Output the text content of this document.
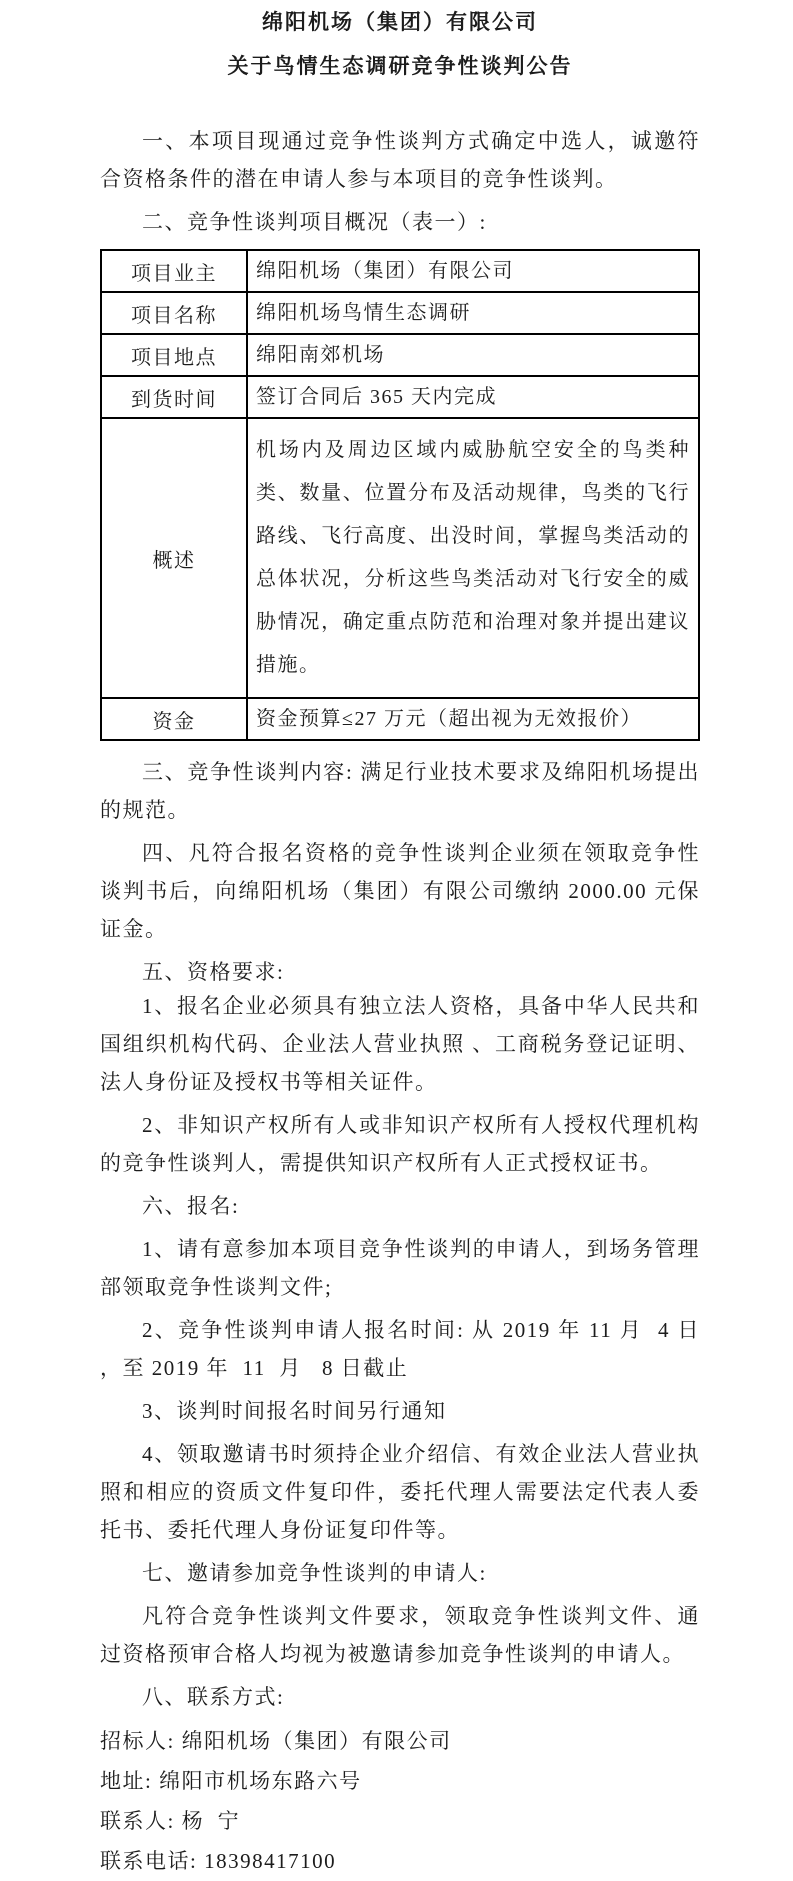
绵阳机场（集团）有限公司
关于鸟情生态调研竞争性谈判公告

一、本项目现通过竞争性谈判方式确定中选人，诚邀符合资格条件的潜在申请人参与本项目的竞争性谈判。

二、竞争性谈判项目概况（表一）:

项目业主	绵阳机场（集团）有限公司
项目名称	绵阳机场鸟情生态调研
项目地点	绵阳南郊机场
到货时间	签订合同后 365 天内完成
概述	机场内及周边区域内威胁航空安全的鸟类种类、数量、位置分布及活动规律，鸟类的飞行路线、飞行高度、出没时间，掌握鸟类活动的总体状况，分析这些鸟类活动对飞行安全的威胁情况，确定重点防范和治理对象并提出建议措施。
资金	资金预算≤27 万元（超出视为无效报价）

三、竞争性谈判内容: 满足行业技术要求及绵阳机场提出的规范。

四、凡符合报名资格的竞争性谈判企业须在领取竞争性谈判书后，向绵阳机场（集团）有限公司缴纳 2000.00 元保证金。

五、资格要求:

1、报名企业必须具有独立法人资格，具备中华人民共和国组织机构代码、企业法人营业执照 、工商税务登记证明、法人身份证及授权书等相关证件。

2、非知识产权所有人或非知识产权所有人授权代理机构的竞争性谈判人，需提供知识产权所有人正式授权证书。

六、报名:

1、请有意参加本项目竞争性谈判的申请人，到场务管理部领取竞争性谈判文件;

2、竞争性谈判申请人报名时间: 从 2019 年 11 月  4 日 ，至 2019 年  11  月   8 日截止

3、谈判时间报名时间另行通知

4、领取邀请书时须持企业介绍信、有效企业法人营业执照和相应的资质文件复印件，委托代理人需要法定代表人委托书、委托代理人身份证复印件等。

七、邀请参加竞争性谈判的申请人:

凡符合竞争性谈判文件要求，领取竞争性谈判文件、通过资格预审合格人均视为被邀请参加竞争性谈判的申请人。

八、联系方式:

招标人: 绵阳机场（集团）有限公司

地址: 绵阳市机场东路六号

联系人: 杨  宁

联系电话: 18398417100
